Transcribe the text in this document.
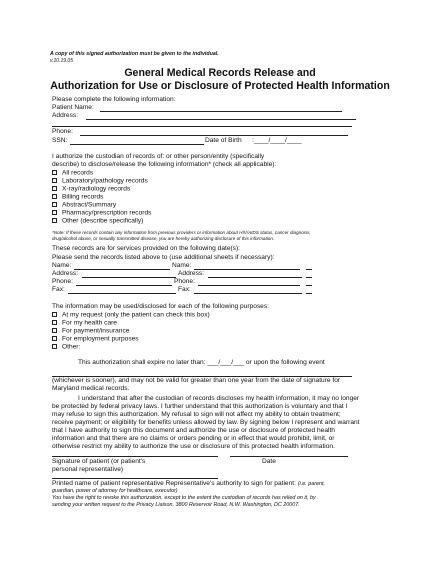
A copy of this signed authorization must be given to the individual.
v.10.19.05
General Medical Records Release and
Authorization for Use or Disclosure of Protected Health Information
Please complete the following information:
Patient Name:
Address:
Phone:
SSN:	Date of Birth :____/____/____
I authorize the custodian of records of: or other person/entity (specifically
describe) to disclose/release the following information* (check all applicable):
All records
Laboratory/pathology records
X-ray/radiology records
Billing records
Abstract/Summary
Pharmacy/prescription records
Other (describe specifically)
*Note: If these records contain any information from previous providers or information about HIV/AIDS status, cancer diagnosis,
drug/alcohol abuse, or sexually transmitted disease, you are hereby authorizing disclosure of this information.
These records are for services provided on the following date(s):
Please send the records listed above to (use additional sheets if necessary):
Name:	Name:
Address:	Address:
Phone:	Phone:
Fax:	Fax:
The information may be used/disclosed for each of the following purposes:
At my request (only the patient can check this box)
For my health care
For payment/insurance
For employment purposes
Other:
This authorization shall expire no later than: ___/___/___ or upon the following event
(whichever is sooner), and may not be valid for greater than one year from the date of signature for
Maryland medical records.
I understand that after the custodian of records discloses my health information, it may no longer
be protected by federal privacy laws. I further understand that this authorization is voluntary and that I
may refuse to sign this authorization. My refusal to sign will not affect my ability to obtain treatment;
receive payment; or eligibility for benefits unless allowed by law. By signing below I represent and warrant
that I have authority to sign this document and authorize the use or disclosure of protected health
information and that there are no claims or orders pending or in effect that would prohibit, limit, or
otherwise restrict my ability to authorize the use or disclosure of this protected health information.
Signature of patient (or patient's	Date
personal representative)
Printed name of patient representative Representative's authority to sign for patient: (i.e. parent,
guardian, power of attorney for healthcare, executor)
You have the right to revoke this authorization, except to the extent the custodian of records has relied on it, by
sending your written request to the Privacy Liaison, 3800 Reservoir Road, N.W. Washington, DC 20007.
